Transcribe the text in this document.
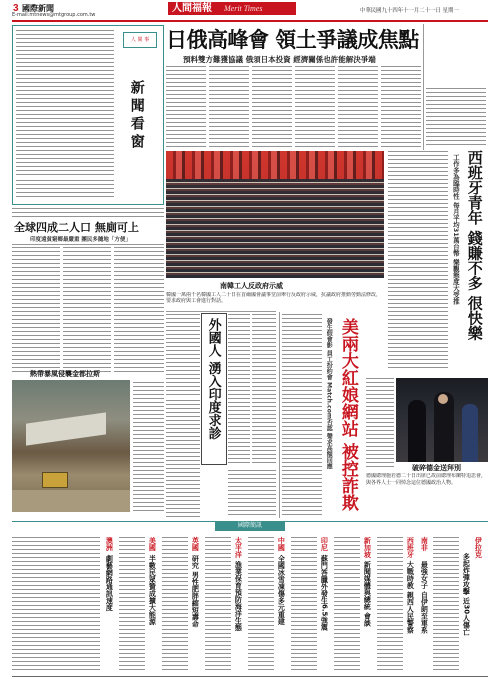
3 國際新聞
E-mail:mtnews@mtgroup.com.tw
人間福報 Merit Times	中華民國九十四年十一月二十一日 星期一
人 間 事
新聞看窗
全球四成二人口 無廁可上
印度遠貧窮鄉最嚴重 團民多隨地「方便」
熱帶暴風侵襲金都拉斯
日俄高峰會 領土爭議成焦點
預料雙方難獲協議 俄須日本投資 經濟關係也許能解決爭端
南韓工人反政府示威
韓國一萬兩千名韓國工人二十日在首爾國會議事堂前舉行反政府示威，抗議政府推動勞動法修改，要求政府與工會進行對話。	西班牙青年 錢賺不多 很快樂
工作多為臨時性 每月平均31萬台幣 樂觀態度大受推
外國人 湧入印度求診	發生假會影 員工扮約會 Match.com否認 聲求高額回應 美兩大紅娘網站 被控詐欺	破碎德金送拜別
德國總理施若德二十日出席已故前總理布蘭特追思會，與各界人士一同悼念這位德國政治人物。
國際簡訊
伊拉克
多起炸彈攻擊 近30人傷亡
南非
最強女子 自伊朗至軍系
西班牙
大戰時教 親西人民警察
新加坡
新聞媒體與總統 會談
印尼
蘇門答臘外發生6.5強震
中國
全國冰雪凍傷多元重建
太平洋
漁業保育預防海洋生態
英國
研究 男性肥胖縮短壽命
美國
半數民眾贊成擴大能源
澳洲
劇藝網路通訊速度
